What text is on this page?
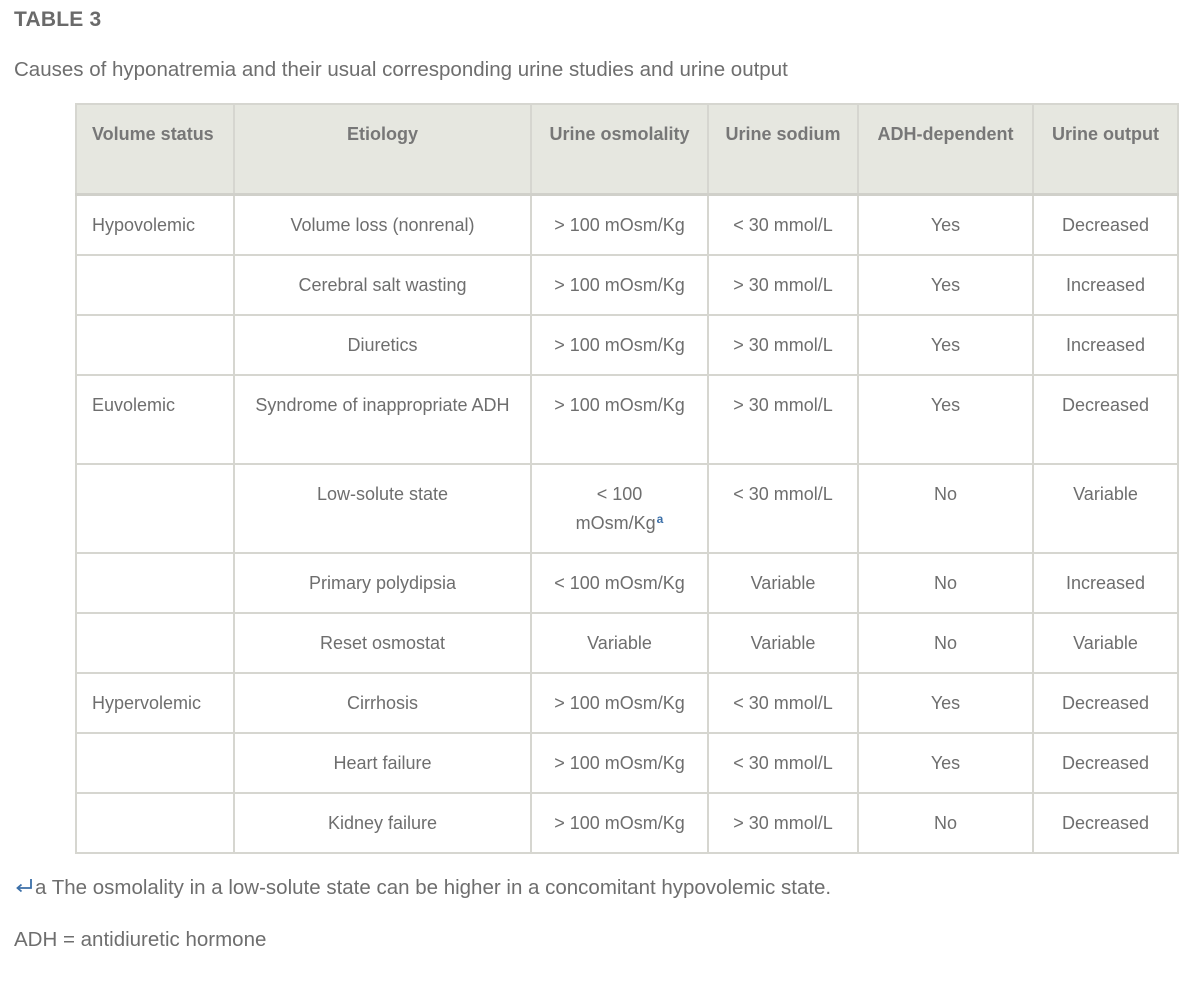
TABLE 3
Causes of hyponatremia and their usual corresponding urine studies and urine output
Volume status	Etiology	Urine osmolality	Urine sodium	ADH-dependent	Urine output
Hypovolemic	Volume loss (nonrenal)	> 100 mOsm/Kg	< 30 mmol/L	Yes	Decreased
	Cerebral salt wasting	> 100 mOsm/Kg	> 30 mmol/L	Yes	Increased
	Diuretics	> 100 mOsm/Kg	> 30 mmol/L	Yes	Increased
Euvolemic	Syndrome of inappropriate ADH	> 100 mOsm/Kg	> 30 mmol/L	Yes	Decreased
	Low-solute state	< 100 mOsm/Kg$^a$	< 30 mmol/L	No	Variable
	Primary polydipsia	< 100 mOsm/Kg	Variable	No	Increased
	Reset osmostat	Variable	Variable	No	Variable
Hypervolemic	Cirrhosis	> 100 mOsm/Kg	< 30 mmol/L	Yes	Decreased
	Heart failure	> 100 mOsm/Kg	< 30 mmol/L	Yes	Decreased
	Kidney failure	> 100 mOsm/Kg	> 30 mmol/L	No	Decreased
a The osmolality in a low-solute state can be higher in a concomitant hypovolemic state.
ADH = antidiuretic hormone
